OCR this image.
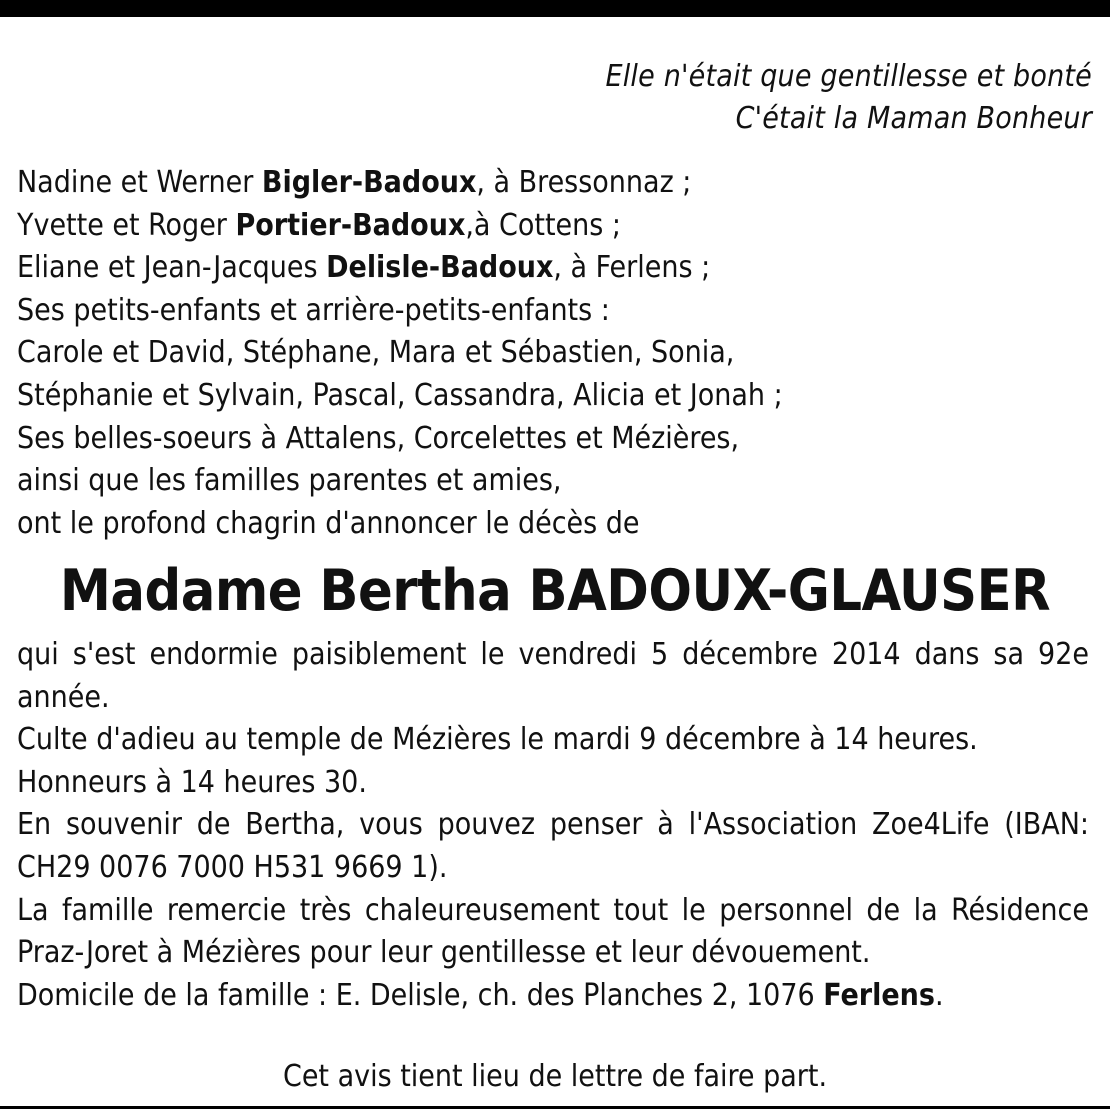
Elle n'était que gentillesse et bonté
C'était la Maman Bonheur
Nadine et Werner Bigler-Badoux, à Bressonnaz ;
Yvette et Roger Portier-Badoux,à Cottens ;
Eliane et Jean-Jacques Delisle-Badoux, à Ferlens ;
Ses petits-enfants et arrière-petits-enfants :
Carole et David, Stéphane, Mara et Sébastien, Sonia,
Stéphanie et Sylvain, Pascal, Cassandra, Alicia et Jonah ;
Ses belles-soeurs à Attalens, Corcelettes et Mézières,
ainsi que les familles parentes et amies,
ont le profond chagrin d'annoncer le décès de
Madame Bertha BADOUX-GLAUSER

qui s'est endormie paisiblement le vendredi 5 décembre 2014 dans sa 92e année.

Culte d'adieu au temple de Mézières le mardi 9 décembre à 14 heures.

Honneurs à 14 heures 30.

En souvenir de Bertha, vous pouvez penser à l'Association Zoe4Life (IBAN: CH29 0076 7000 H531 9669 1).

La famille remercie très chaleureusement tout le personnel de la Résidence Praz-Joret à Mézières pour leur gentillesse et leur dévouement.

Domicile de la famille : E. Delisle, ch. des Planches 2, 1076 Ferlens.

Cet avis tient lieu de lettre de faire part.
